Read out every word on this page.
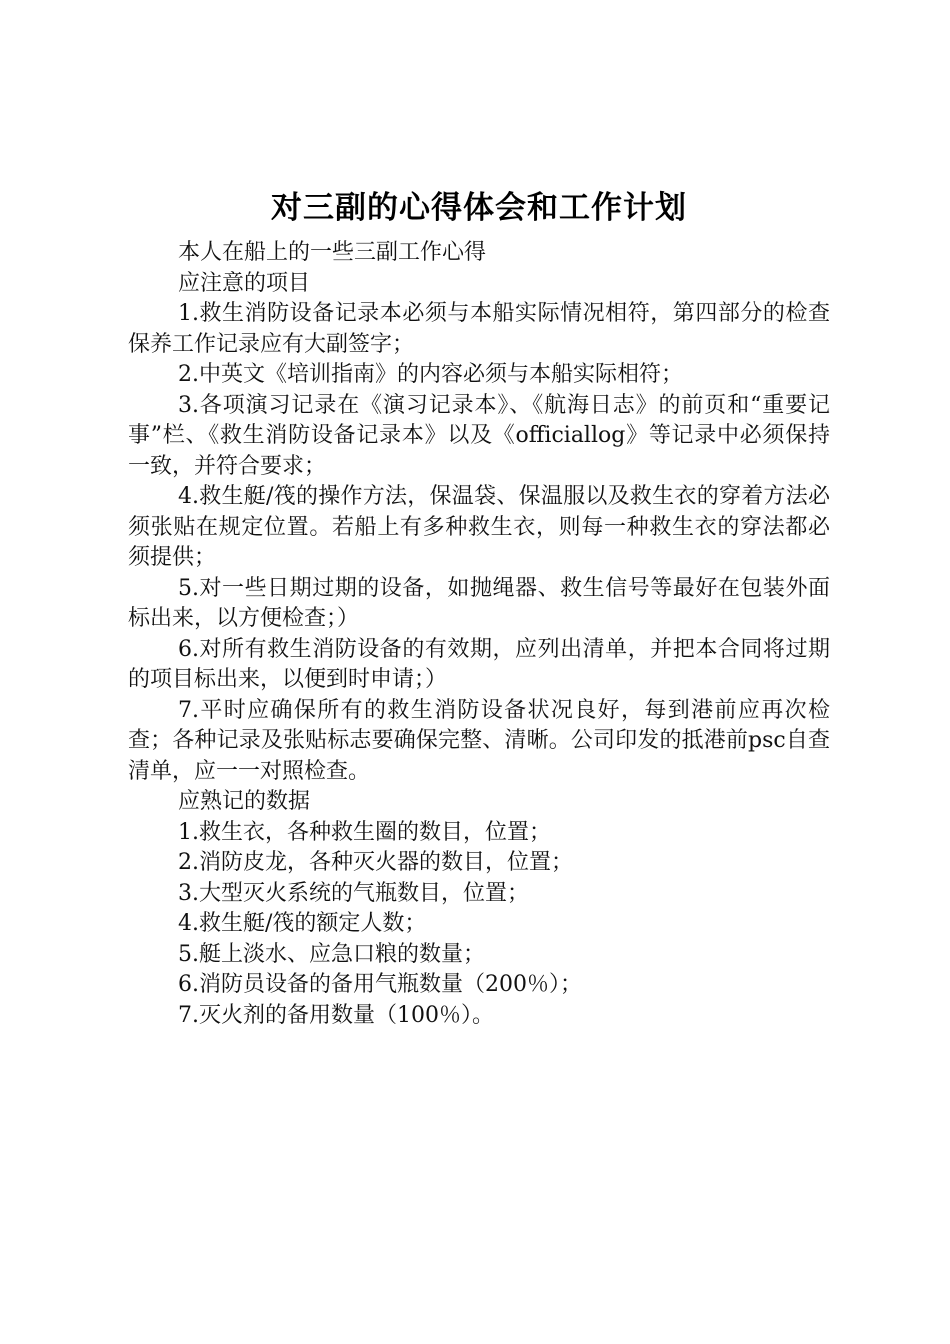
对三副的心得体会和工作计划

本人在船上的一些三副工作心得

应注意的项目

1.救生消防设备记录本必须与本船实际情况相符，第四部分的检查保养工作记录应有大副签字；

2.中英文《培训指南》的内容必须与本船实际相符；

3.各项演习记录在《演习记录本》、《航海日志》的前页和“重要记事”栏、《救生消防设备记录本》以及《officiallog》等记录中必须保持一致，并符合要求；

4.救生艇/筏的操作方法，保温袋、保温服以及救生衣的穿着方法必须张贴在规定位置。若船上有多种救生衣，则每一种救生衣的穿法都必须提供；

5.对一些日期过期的设备，如抛绳器、救生信号等最好在包装外面标出来，以方便检查；）

6.对所有救生消防设备的有效期，应列出清单，并把本合同将过期的项目标出来，以便到时申请；）

7.平时应确保所有的救生消防设备状况良好，每到港前应再次检查；各种记录及张贴标志要确保完整、清晰。公司印发的抵港前psc自查清单，应一一对照检查。

应熟记的数据

1.救生衣，各种救生圈的数目，位置；

2.消防皮龙，各种灭火器的数目，位置；

3.大型灭火系统的气瓶数目，位置；

4.救生艇/筏的额定人数；

5.艇上淡水、应急口粮的数量；

6.消防员设备的备用气瓶数量（200％）；

7.灭火剂的备用数量（100％）。
